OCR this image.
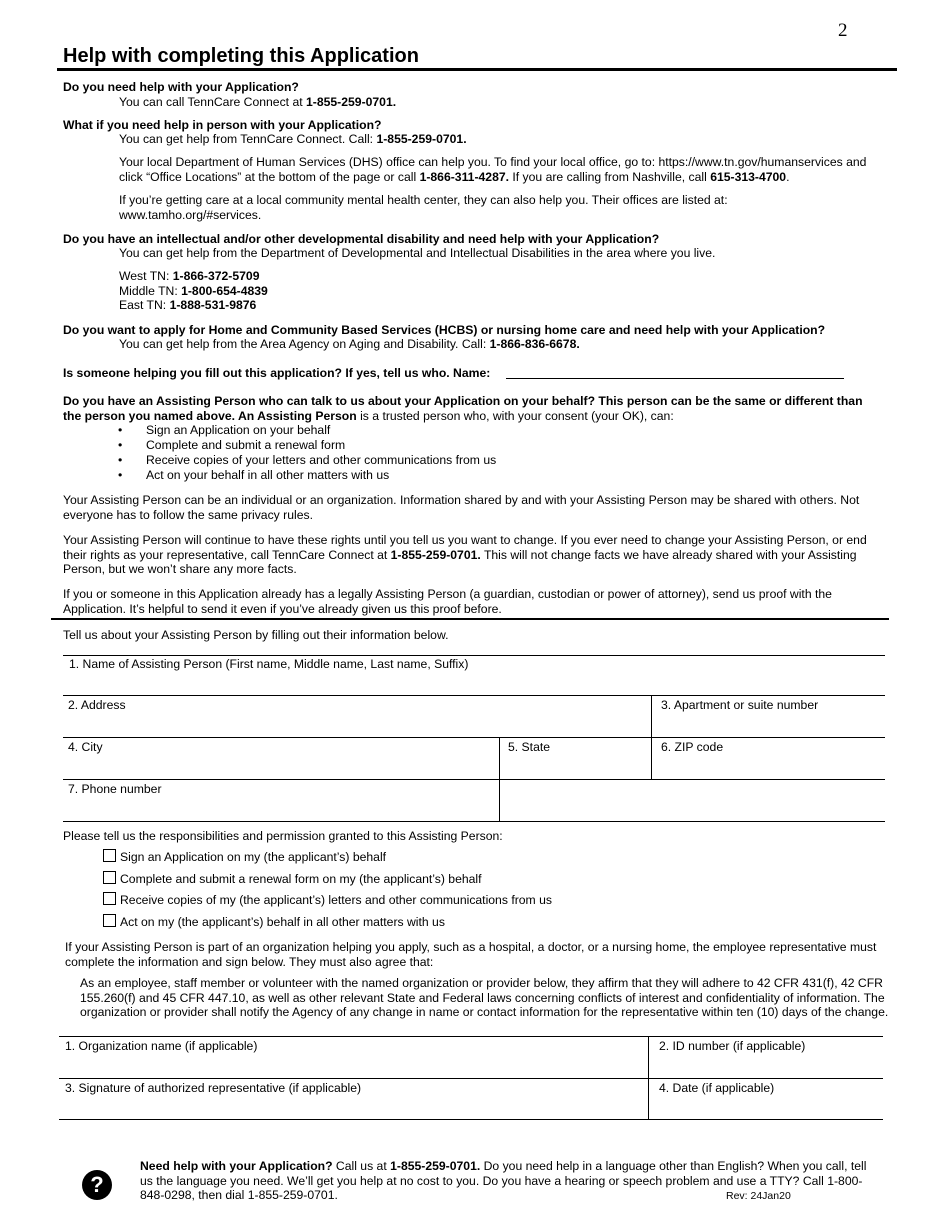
2
Help with completing this Application
Do you need help with your Application?
You can call TennCare Connect at 1-855-259-0701.
What if you need help in person with your Application?
You can get help from TennCare Connect. Call: 1-855-259-0701.
Your local Department of Human Services (DHS) office can help you. To find your local office, go to: https://www.tn.gov/humanservices and click “Office Locations” at the bottom of the page or call 1-866-311-4287. If you are calling from Nashville, call 615-313-4700.
If you’re getting care at a local community mental health center, they can also help you. Their offices are listed at: www.tamho.org/#services.
Do you have an intellectual and/or other developmental disability and need help with your Application?
You can get help from the Department of Developmental and Intellectual Disabilities in the area where you live.
West TN: 1-866-372-5709
Middle TN: 1-800-654-4839
East TN: 1-888-531-9876
Do you want to apply for Home and Community Based Services (HCBS) or nursing home care and need help with your Application?
You can get help from the Area Agency on Aging and Disability. Call: 1-866-836-6678.
Is someone helping you fill out this application? If yes, tell us who. Name:
Do you have an Assisting Person who can talk to us about your Application on your behalf? This person can be the same or different than the person you named above. An Assisting Person is a trusted person who, with your consent (your OK), can:
• Sign an Application on your behalf
• Complete and submit a renewal form
• Receive copies of your letters and other communications from us
• Act on your behalf in all other matters with us
Your Assisting Person can be an individual or an organization. Information shared by and with your Assisting Person may be shared with others. Not everyone has to follow the same privacy rules.
Your Assisting Person will continue to have these rights until you tell us you want to change. If you ever need to change your Assisting Person, or end their rights as your representative, call TennCare Connect at 1-855-259-0701. This will not change facts we have already shared with your Assisting Person, but we won’t share any more facts.
If you or someone in this Application already has a legally Assisting Person (a guardian, custodian or power of attorney), send us proof with the Application. It’s helpful to send it even if you’ve already given us this proof before.
Tell us about your Assisting Person by filling out their information below.
1. Name of Assisting Person (First name, Middle name, Last name, Suffix)
2. Address	3. Apartment or suite number
4. City	5. State	6. ZIP code
7. Phone number
Please tell us the responsibilities and permission granted to this Assisting Person:
Sign an Application on my (the applicant’s) behalf
Complete and submit a renewal form on my (the applicant’s) behalf
Receive copies of my (the applicant’s) letters and other communications from us
Act on my (the applicant’s) behalf in all other matters with us
If your Assisting Person is part of an organization helping you apply, such as a hospital, a doctor, or a nursing home, the employee representative must complete the information and sign below. They must also agree that:
As an employee, staff member or volunteer with the named organization or provider below, they affirm that they will adhere to 42 CFR 431(f), 42 CFR 155.260(f) and 45 CFR 447.10, as well as other relevant State and Federal laws concerning conflicts of interest and confidentiality of information. The organization or provider shall notify the Agency of any change in name or contact information for the representative within ten (10) days of the change.
1. Organization name (if applicable)	2. ID number (if applicable)
3. Signature of authorized representative (if applicable)	4. Date (if applicable)
?
Need help with your Application? Call us at 1-855-259-0701. Do you need help in a language other than English? When you call, tell us the language you need. We’ll get you help at no cost to you. Do you have a hearing or speech problem and use a TTY? Call 1-800-848-0298, then dial 1-855-259-0701.	Rev: 24Jan20
